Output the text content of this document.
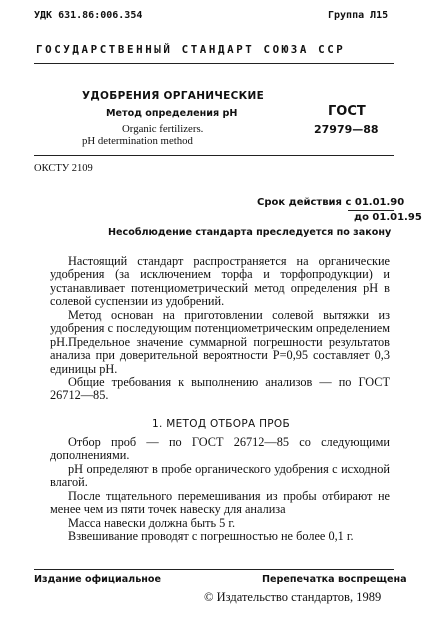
УДК 631.86:006.354	Группа Л15
ГОСУДАРСТВЕННЫЙ СТАНДАРТ СОЮЗА ССР
УДОБРЕНИЯ ОРГАНИЧЕСКИЕ
Метод определения рН
Organic fertilizers.
pH determination method
ГОСТ
27979—88
ОКСТУ 2109
Срок действия с 01.01.90
до 01.01.95
Несоблюдение стандарта преследуется по закону
Настоящий стандарт распространяется на органические удобрения (за исключением торфа и торфопродукции) и устанавливает потенциометрический метод определения рН в солевой суспензии из удобрений.
Метод основан на приготовлении солевой вытяжки из удобрения с последующим потенциометрическим определением рН. Предельное значение суммарной погрешности результатов анализа при доверительной вероятности P=0,95 составляет 0,3 единицы рН.
Общие требования к выполнению анализов — по ГОСТ 26712—85.
1. МЕТОД ОТБОРА ПРОБ
Отбор проб — по ГОСТ 26712—85 со следующими дополнениями.
рН определяют в пробе органического удобрения с исходной влагой.
После тщательного перемешивания из пробы отбирают не менее чем из пяти точек навеску для анализа
Масса навески должна быть 5 г.
Взвешивание проводят с погрешностью не более 0,1 г.
Издание официальное	Перепечатка воспрещена
© Издательство стандартов, 1989
